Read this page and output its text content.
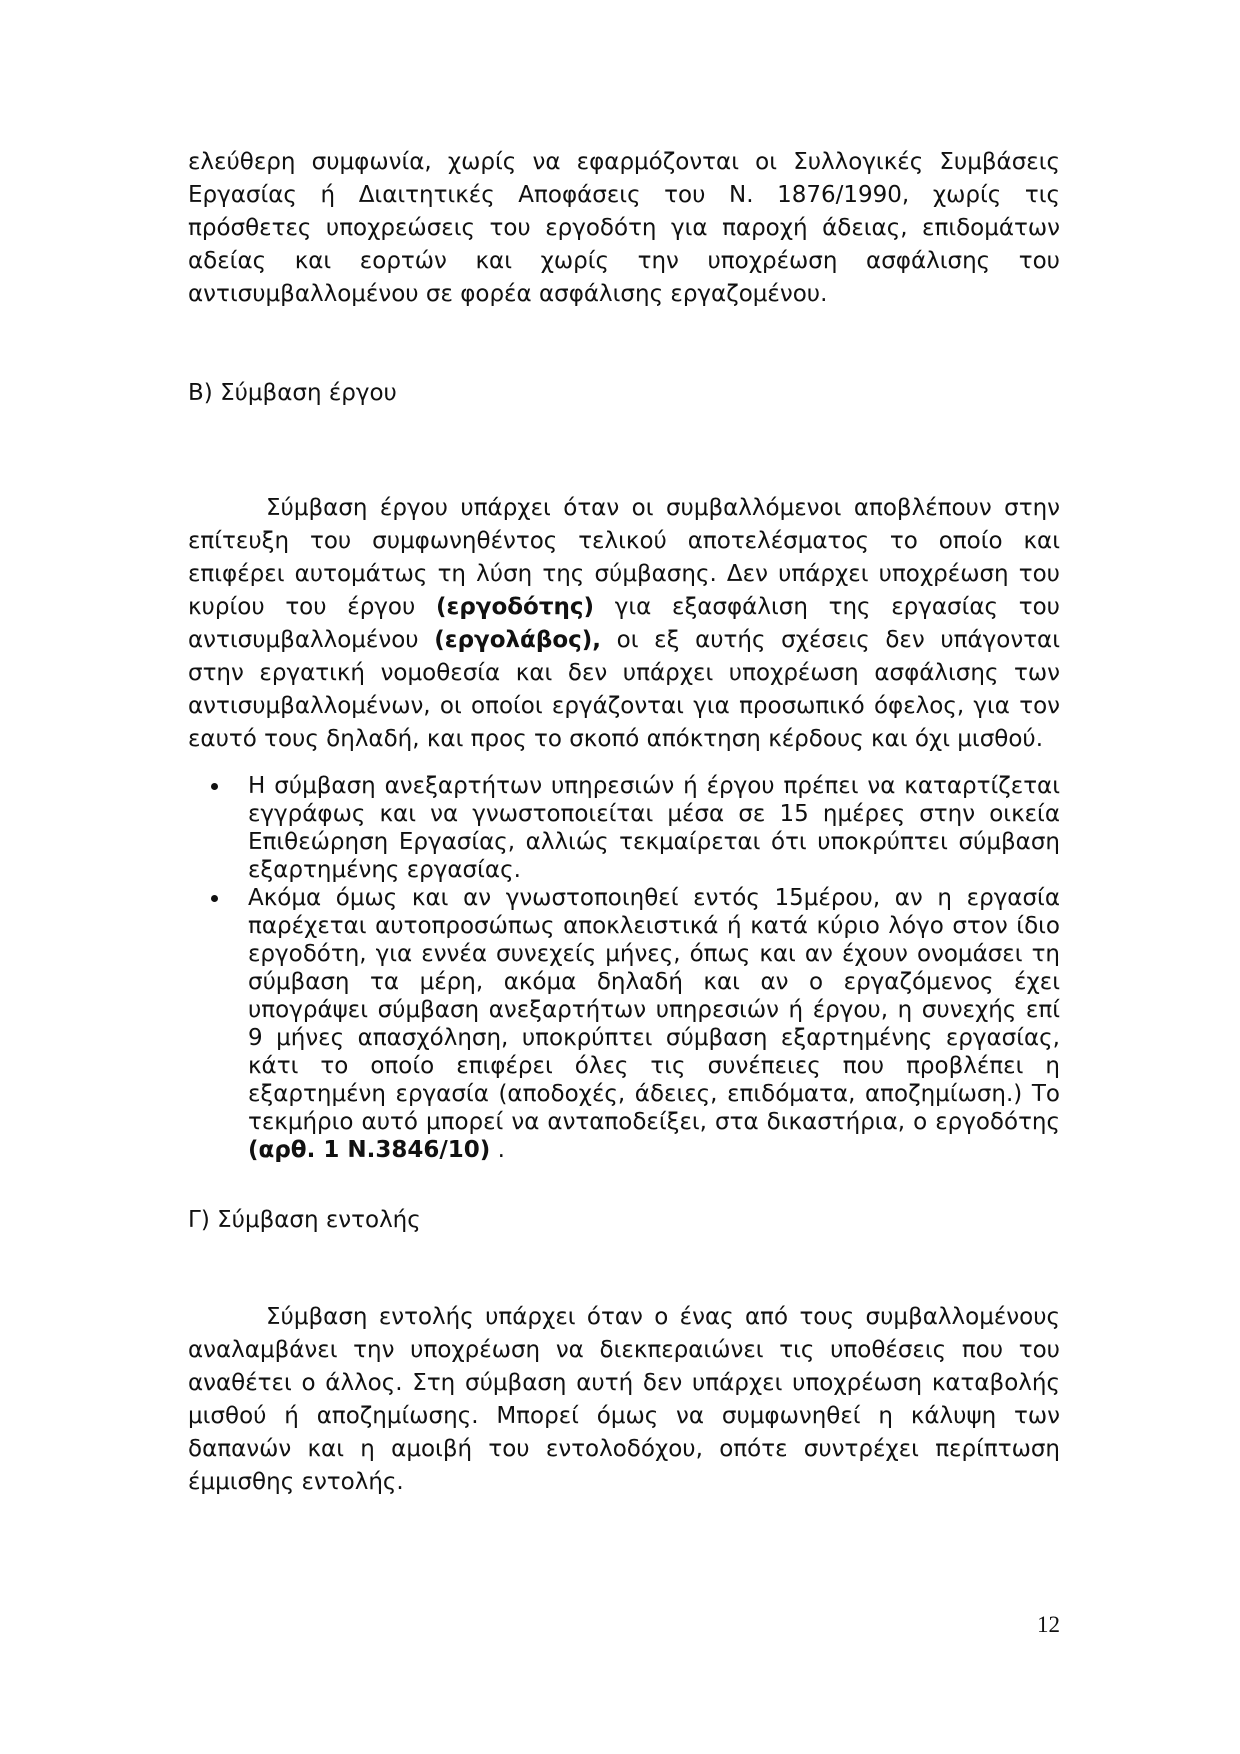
ελεύθερη συμφωνία, χωρίς να εφαρμόζονται οι Συλλογικές Συμβάσεις Εργασίας ή Διαιτητικές Αποφάσεις του Ν. 1876/1990, χωρίς τις πρόσθετες υποχρεώσεις του εργοδότη για παροχή άδειας, επιδομάτων αδείας και εορτών και χωρίς την υποχρέωση ασφάλισης του αντισυμβαλλομένου σε φορέα ασφάλισης εργαζομένου.

Β) Σύμβαση έργου

Σύμβαση έργου υπάρχει όταν οι συμβαλλόμενοι αποβλέπουν στην επίτευξη του συμφωνηθέντος τελικού αποτελέσματος το οποίο και επιφέρει αυτομάτως τη λύση της σύμβασης. Δεν υπάρχει υποχρέωση του κυρίου του έργου (εργοδότης) για εξασφάλιση της εργασίας του αντισυμβαλλομένου (εργολάβος), οι εξ αυτής σχέσεις δεν υπάγονται στην εργατική νομοθεσία και δεν υπάρχει υποχρέωση ασφάλισης των αντισυμβαλλομένων, οι οποίοι εργάζονται για προσωπικό όφελος, για τον εαυτό τους δηλαδή, και προς το σκοπό απόκτηση κέρδους και όχι μισθού.

Η σύμβαση ανεξαρτήτων υπηρεσιών ή έργου πρέπει να καταρτίζεται εγγράφως και να γνωστοποιείται μέσα σε 15 ημέρες στην οικεία Επιθεώρηση Εργασίας, αλλιώς τεκμαίρεται ότι υποκρύπτει σύμβαση εξαρτημένης εργασίας.
Ακόμα όμως και αν γνωστοποιηθεί εντός 15μέρου, αν η εργασία παρέχεται αυτοπροσώπως αποκλειστικά ή κατά κύριο λόγο στον ίδιο εργοδότη, για εννέα συνεχείς μήνες, όπως και αν έχουν ονομάσει τη σύμβαση τα μέρη, ακόμα δηλαδή και αν ο εργαζόμενος έχει υπογράψει σύμβαση ανεξαρτήτων υπηρεσιών ή έργου, η συνεχής επί 9 μήνες απασχόληση, υποκρύπτει σύμβαση εξαρτημένης εργασίας, κάτι το οποίο επιφέρει όλες τις συνέπειες που προβλέπει η εξαρτημένη εργασία (αποδοχές, άδειες, επιδόματα, αποζημίωση.) Το τεκμήριο αυτό μπορεί να ανταποδείξει, στα δικαστήρια, ο εργοδότης (αρθ. 1 Ν.3846/10) .
Γ) Σύμβαση εντολής

Σύμβαση εντολής υπάρχει όταν ο ένας από τους συμβαλλομένους αναλαμβάνει την υποχρέωση να διεκπεραιώνει τις υποθέσεις που του αναθέτει ο άλλος. Στη σύμβαση αυτή δεν υπάρχει υποχρέωση καταβολής μισθού ή αποζημίωσης. Μπορεί όμως να συμφωνηθεί η κάλυψη των δαπανών και η αμοιβή του εντολοδόχου, οπότε συντρέχει περίπτωση έμμισθης εντολής.

12
